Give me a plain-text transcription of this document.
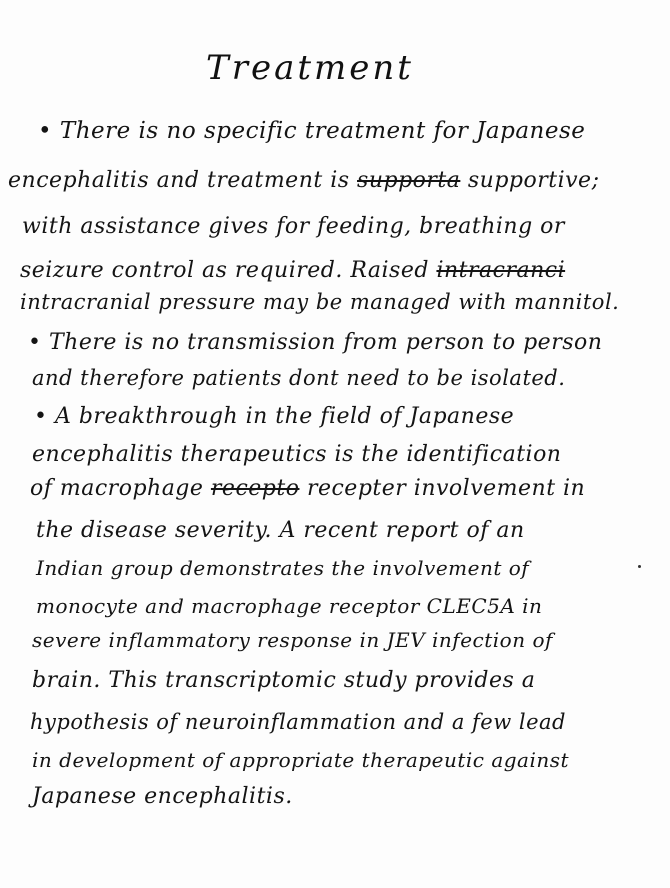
Treatment
• There is no specific treatment for Japanese
encephalitis and treatment is supporta supportive;
with assistance gives for feeding, breathing or
seizure control as required. Raised intracranci
intracranial pressure may be managed with mannitol.
• There is no transmission from person to person
and therefore patients dont need to be isolated.
• A breakthrough in the field of Japanese
encephalitis therapeutics is the identification
of macrophage recepto recepter involvement in
the disease severity. A recent report of an
Indian group demonstrates the involvement of
monocyte and macrophage receptor CLEC5A in
severe inflammatory response in JEV infection of
brain. This transcriptomic study provides a
hypothesis of neuroinflammation and a few lead
in development of appropriate therapeutic against
Japanese encephalitis.
